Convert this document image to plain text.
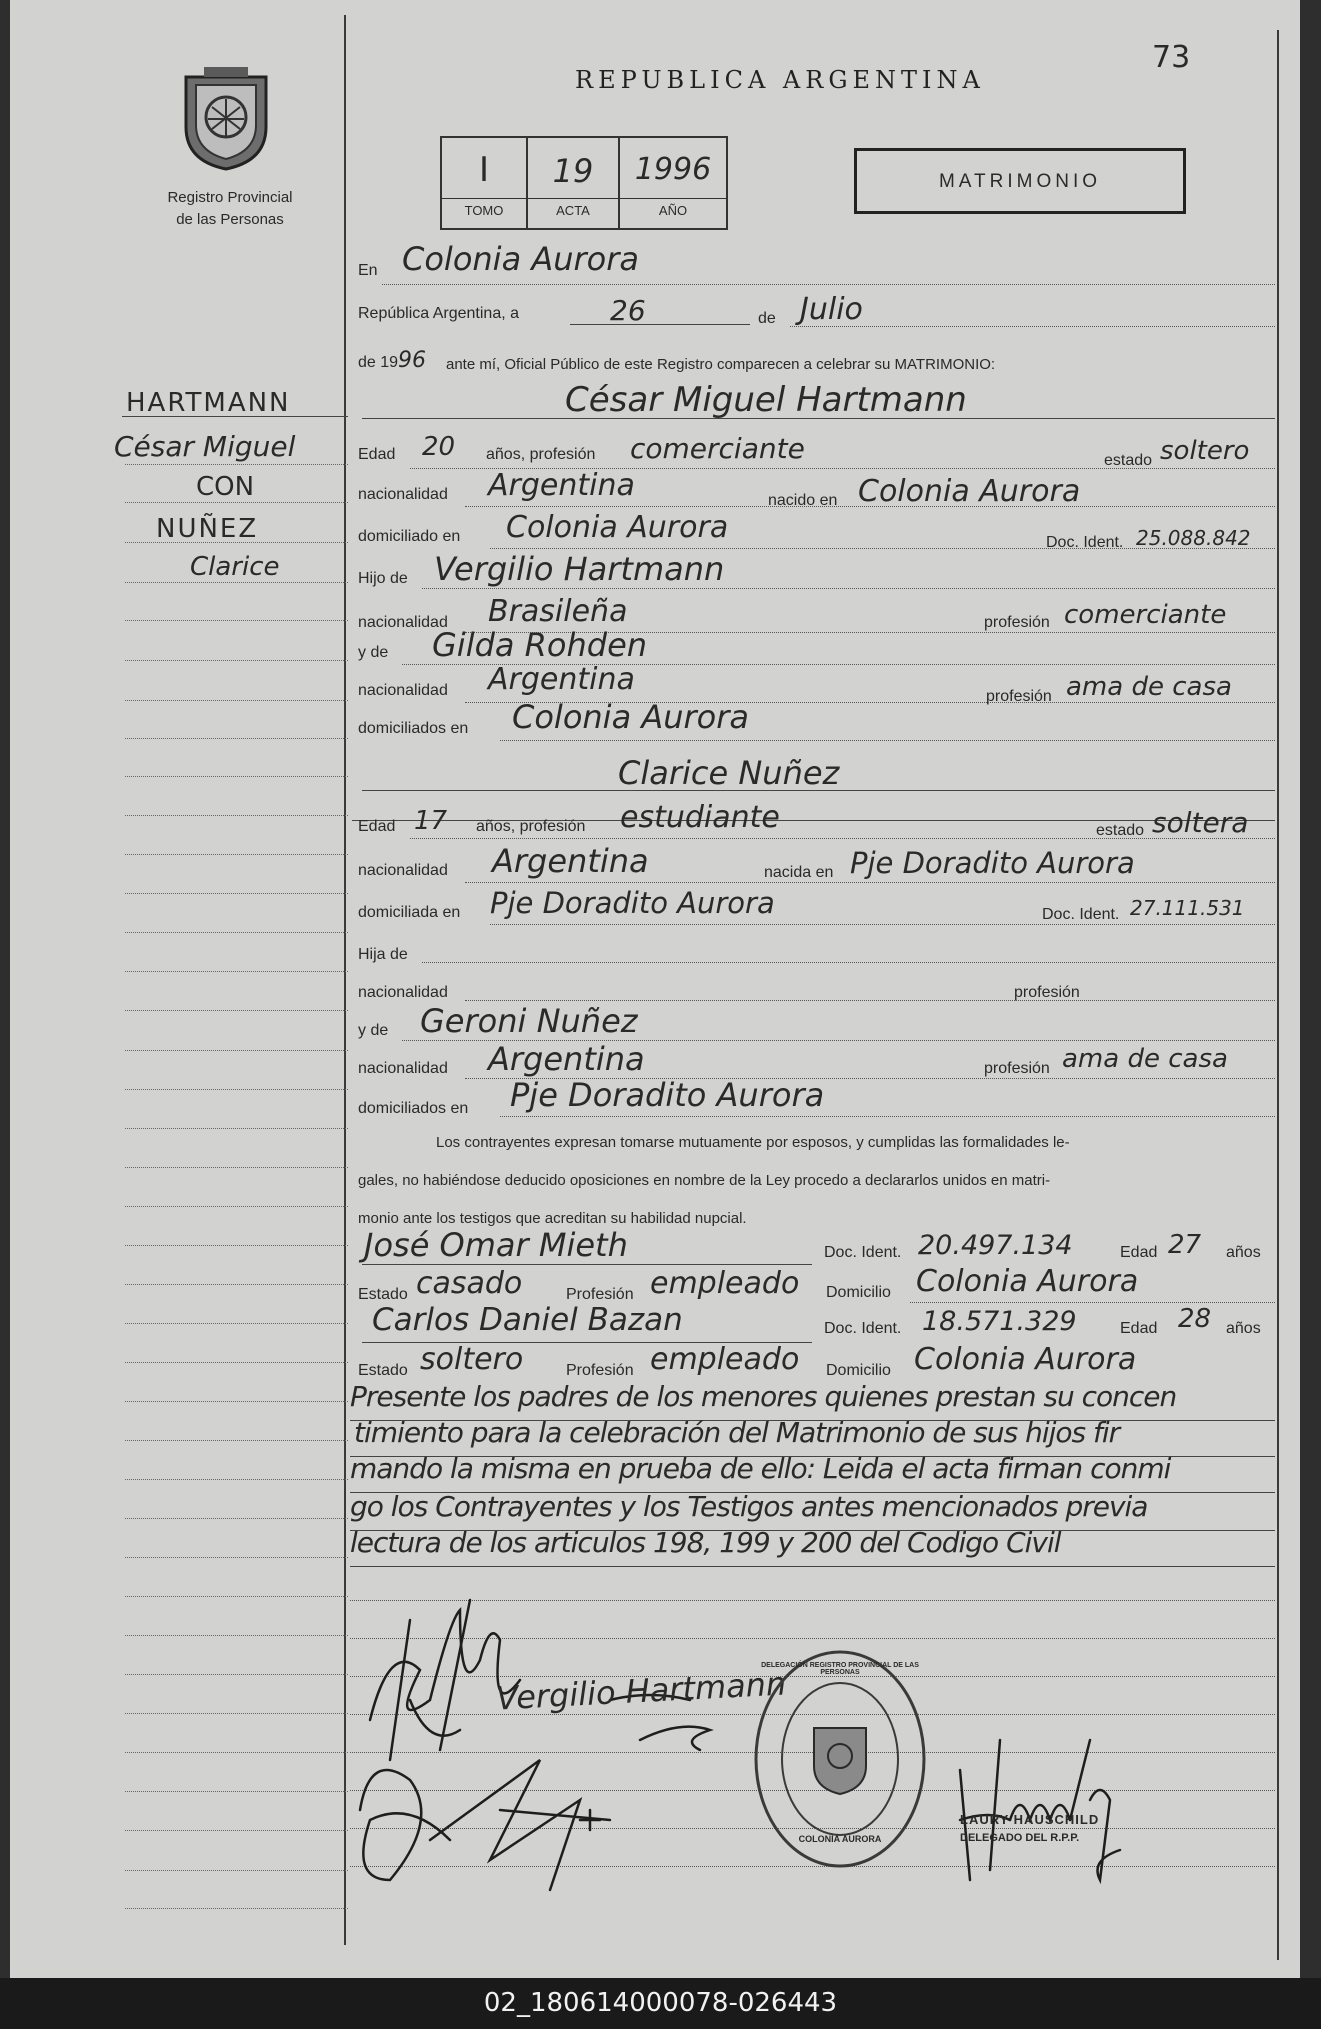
Registro Provincial
de las Personas
REPUBLICA ARGENTINA
73
I	19	1996
TOMO	ACTA	AÑO
MATRIMONIO
HARTMANN
César Miguel
CON
NUÑEZ
Clarice
En Colonia Aurora
República Argentina, a	26	de Julio
de 1996 ante mí, Oficial Público de este Registro comparecen a celebrar su MATRIMONIO:
César Miguel Hartmann
Edad 20 años, profesión comerciante	estado soltero
nacionalidad Argentina	nacido en Colonia Aurora
domiciliado en Colonia Aurora	Doc. Ident. 25.088.842
Hijo de Vergilio Hartmann
nacionalidad Brasileña	profesión comerciante
y de Gilda Rohden
nacionalidad Argentina	profesión ama de casa
domiciliados en Colonia Aurora
Clarice Nuñez
Edad 17 años, profesión estudiante	estado soltera
nacionalidad Argentina	nacida en Pje Doradito Aurora
domiciliada en Pje Doradito Aurora	Doc. Ident. 27.111.531
Hija de
nacionalidad	profesión
y de Geroni Nuñez
nacionalidad Argentina	profesión ama de casa
domiciliados en Pje Doradito Aurora
Los contrayentes expresan tomarse mutuamente por esposos, y cumplidas las formalidades le-
gales, no habiéndose deducido oposiciones en nombre de la Ley procedo a declararlos unidos en matri-
monio ante los testigos que acreditan su habilidad nupcial.
José Omar Mieth	Doc. Ident. 20.497.134	Edad 27 años
Estado casado	Profesión empleado Domicilio Colonia Aurora
Carlos Daniel Bazan	Doc. Ident. 18.571.329	Edad 28 años
Estado soltero	Profesión empleado Domicilio Colonia Aurora
Presente los padres de los menores quienes prestan su concen
timiento para la celebración del Matrimonio de sus hijos fir
mando la misma en prueba de ello: Leida el acta firman conmi
go los Contrayentes y los Testigos antes mencionados previa
lectura de los articulos 198, 199 y 200 del Codigo Civil
Vergilio Hartmann
DELEGACIÓN REGISTRO PROVINCIAL DE LAS PERSONAS
COLONIA AURORA
LAURY HAUSCHILD
DELEGADO DEL R.P.P.
02_180614000078-026443
